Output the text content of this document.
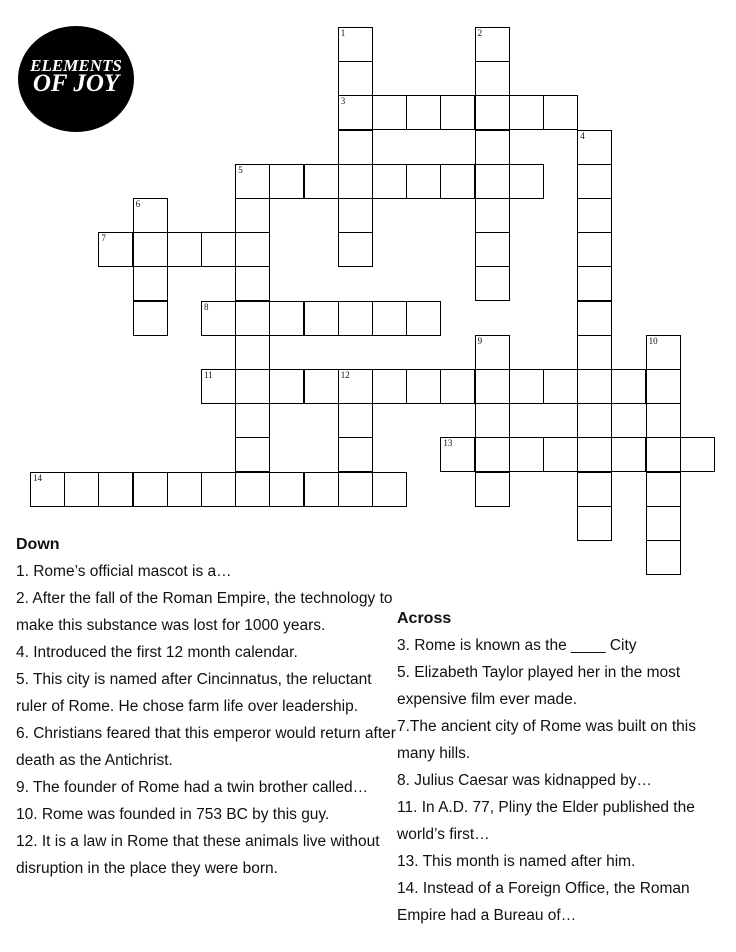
ELEMENTS
OF JOY
1
3
2
4
5
6
7
8
9	10
11	12
13
14
Down

1. Rome’s official mascot is a…

2. After the fall of the Roman Empire, the technology to make this substance was lost for 1000 years.

4. Introduced the first 12 month calendar.

5. This city is named after Cincinnatus, the reluctant ruler of Rome. He chose farm life over leadership.

6. Christians feared that this emperor would return after death as the Antichrist.

9. The founder of Rome had a twin brother called…

10. Rome was founded in 753 BC by this guy.

12. It is a law in Rome that these animals live without disruption in the place they were born.

Across

3. Rome is known as the ____ City

5. Elizabeth Taylor played her in the most expensive film ever made.

7.The ancient city of Rome was built on this many hills.

8. Julius Caesar was kidnapped by…

11. In A.D. 77, Pliny the Elder published the world’s first…

13. This month is named after him.

14. Instead of a Foreign Office, the Roman Empire had a Bureau of…
